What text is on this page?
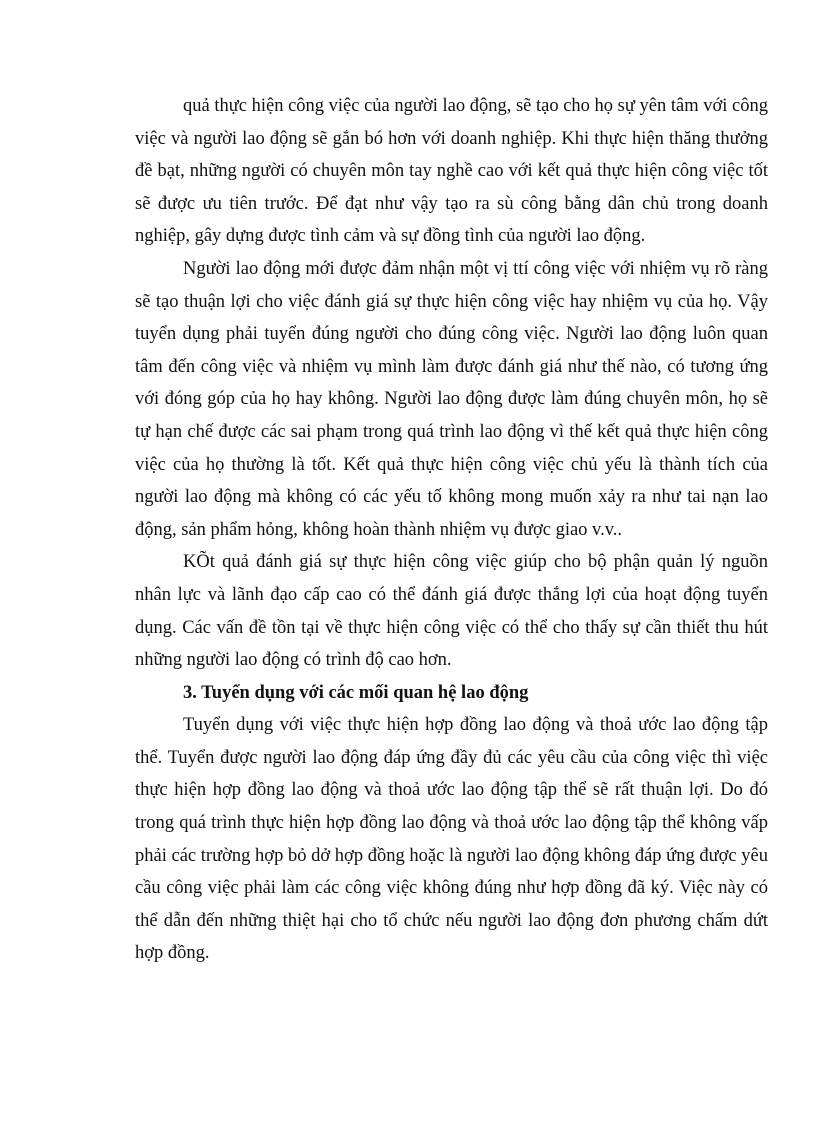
quả thực hiện công việc của người lao động, sẽ tạo cho họ sự yên tâm với công việc và người lao động sẽ gắn bó hơn với doanh nghiệp. Khi thực hiện thăng thưởng đề bạt, những người có chuyên môn tay nghề cao với kết quả thực hiện công việc tốt sẽ được ưu tiên trước. Để đạt như vậy tạo ra sù công bằng dân chủ trong doanh nghiệp, gây dựng được tình cảm và sự đồng tình của người lao động.

Người lao động mới được đảm nhận một vị ttí công việc với nhiệm vụ rõ ràng sẽ tạo thuận lợi cho việc đánh giá sự thực hiện công việc hay nhiệm vụ của họ. Vậy tuyển dụng phải tuyển đúng người cho đúng công việc. Người lao động luôn quan tâm đến công việc và nhiệm vụ mình làm được đánh giá như thế nào, có tương ứng với đóng góp của họ hay không. Người lao động được làm đúng chuyên môn, họ sẽ tự hạn chế được các sai phạm trong quá trình lao động vì thế kết quả thực hiện công việc của họ thường là tốt. Kết quả thực hiện công việc chủ yếu là thành tích của người lao động mà không có các yếu tố không mong muốn xảy ra như tai nạn lao động, sản phẩm hỏng, không hoàn thành nhiệm vụ được giao v.v..

KÕt quả đánh giá sự thực hiện công việc giúp cho bộ phận quản lý nguồn nhân lực và lãnh đạo cấp cao có thể đánh giá được thắng lợi của hoạt động tuyển dụng. Các vấn đề tồn tại về thực hiện công việc có thể cho thấy sự cần thiết thu hút những người lao động có trình độ cao hơn.

3. Tuyển dụng với các mối quan hệ lao động

Tuyển dụng với việc thực hiện hợp đồng lao động và thoả ước lao động tập thể. Tuyển được người lao động đáp ứng đầy đủ các yêu cầu của công việc thì việc thực hiện hợp đồng lao động và thoả ước lao động tập thể sẽ rất thuận lợi. Do đó trong quá trình thực hiện hợp đồng lao động và thoả ước lao động tập thể không vấp phải các trường hợp bỏ dở hợp đồng hoặc là người lao động không đáp ứng được yêu cầu công việc phải làm các công việc không đúng như hợp đồng đã ký. Việc này có thể dẫn đến những thiệt hại cho tổ chức nếu người lao động đơn phương chấm dứt hợp đồng.
